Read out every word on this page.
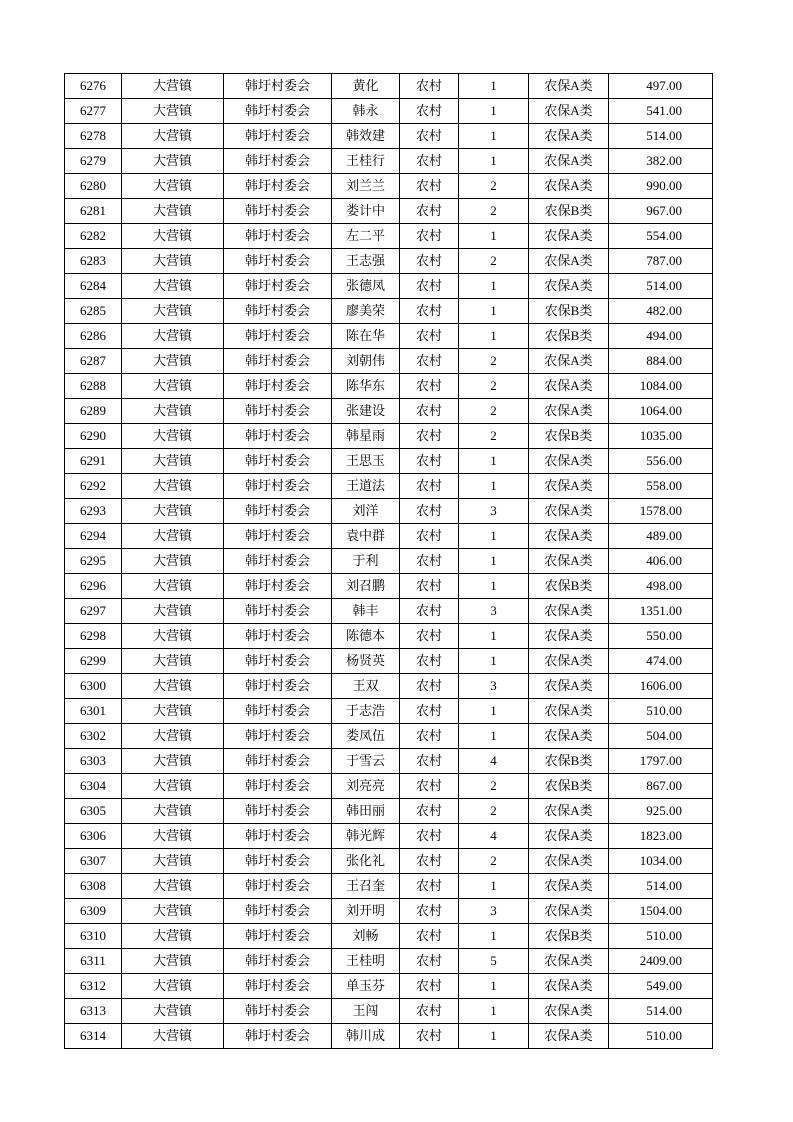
6276	大营镇	韩圩村委会	黄化	农村	1	农保A类	497.00
6277	大营镇	韩圩村委会	韩永	农村	1	农保A类	541.00
6278	大营镇	韩圩村委会	韩效建	农村	1	农保A类	514.00
6279	大营镇	韩圩村委会	王桂行	农村	1	农保A类	382.00
6280	大营镇	韩圩村委会	刘兰兰	农村	2	农保A类	990.00
6281	大营镇	韩圩村委会	娄计中	农村	2	农保B类	967.00
6282	大营镇	韩圩村委会	左二平	农村	1	农保A类	554.00
6283	大营镇	韩圩村委会	王志强	农村	2	农保A类	787.00
6284	大营镇	韩圩村委会	张德凤	农村	1	农保A类	514.00
6285	大营镇	韩圩村委会	廖美荣	农村	1	农保B类	482.00
6286	大营镇	韩圩村委会	陈在华	农村	1	农保B类	494.00
6287	大营镇	韩圩村委会	刘朝伟	农村	2	农保A类	884.00
6288	大营镇	韩圩村委会	陈华东	农村	2	农保A类	1084.00
6289	大营镇	韩圩村委会	张建设	农村	2	农保A类	1064.00
6290	大营镇	韩圩村委会	韩星雨	农村	2	农保B类	1035.00
6291	大营镇	韩圩村委会	王思玉	农村	1	农保A类	556.00
6292	大营镇	韩圩村委会	王道法	农村	1	农保A类	558.00
6293	大营镇	韩圩村委会	刘洋	农村	3	农保A类	1578.00
6294	大营镇	韩圩村委会	袁中群	农村	1	农保A类	489.00
6295	大营镇	韩圩村委会	于利	农村	1	农保A类	406.00
6296	大营镇	韩圩村委会	刘召鹏	农村	1	农保B类	498.00
6297	大营镇	韩圩村委会	韩丰	农村	3	农保A类	1351.00
6298	大营镇	韩圩村委会	陈德本	农村	1	农保A类	550.00
6299	大营镇	韩圩村委会	杨贤英	农村	1	农保A类	474.00
6300	大营镇	韩圩村委会	王双	农村	3	农保A类	1606.00
6301	大营镇	韩圩村委会	于志浩	农村	1	农保A类	510.00
6302	大营镇	韩圩村委会	娄凤伍	农村	1	农保A类	504.00
6303	大营镇	韩圩村委会	于雪云	农村	4	农保B类	1797.00
6304	大营镇	韩圩村委会	刘亮亮	农村	2	农保B类	867.00
6305	大营镇	韩圩村委会	韩田丽	农村	2	农保A类	925.00
6306	大营镇	韩圩村委会	韩光辉	农村	4	农保A类	1823.00
6307	大营镇	韩圩村委会	张化礼	农村	2	农保A类	1034.00
6308	大营镇	韩圩村委会	王召奎	农村	1	农保A类	514.00
6309	大营镇	韩圩村委会	刘开明	农村	3	农保A类	1504.00
6310	大营镇	韩圩村委会	刘畅	农村	1	农保B类	510.00
6311	大营镇	韩圩村委会	王桂明	农村	5	农保A类	2409.00
6312	大营镇	韩圩村委会	单玉芬	农村	1	农保A类	549.00
6313	大营镇	韩圩村委会	王闯	农村	1	农保A类	514.00
6314	大营镇	韩圩村委会	韩川成	农村	1	农保A类	510.00
